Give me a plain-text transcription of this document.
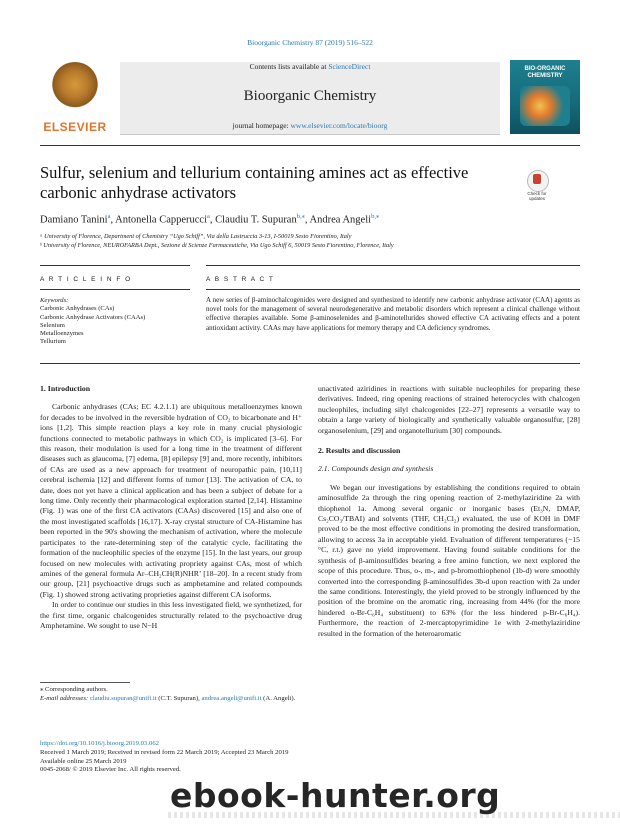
Bioorganic Chemistry 87 (2019) 516–522
ELSEVIER
Contents lists available at ScienceDirect
Bioorganic Chemistry
journal homepage: www.elsevier.com/locate/bioorg
BIO-ORGANIC
CHEMISTRY
Sulfur, selenium and tellurium containing amines act as effective carbonic anhydrase activators	Check for
updates
Damiano Tanini$^a$, Antonella Capperucci$^a$, Claudiu T. Supuran$^{b,⁎}$, Andrea Angeli$^{b,⁎}$
ᵃ University of Florence, Department of Chemistry “Ugo Schiff”, Via della Lastruccia 3-13, I-50019 Sesto Fiorentino, Italy
ᵇ University of Florence, NEUROFARBA Dept., Sezione di Scienze Farmaceutiche, Via Ugo Schiff 6, 50019 Sesto Fiorentino, Florence, Italy
A R T I C L E I N F O	A B S T R A C T
Keywords:
Carbonic Anhydrases (CAs)
Carbonic Anhydrase Activators (CAAs)
Selenium
Metalloenzymes
Tellurium
A new series of β-aminochalcogenides were designed and synthesized to identify new carbonic anhydrase activator (CAA) agents as novel tools for the management of several neurodegenerative and metabolic disorders which represent a clinical challenge without effective therapies available. Some β-aminoselenides and β-aminotellurides showed effective CA activating effects and a potent antioxidant activity. CAAs may have applications for memory therapy and CA deficiency syndromes.

1. Introduction

Carbonic anhydrases (CAs; EC 4.2.1.1) are ubiquitous metalloenzymes known for decades to be involved in the reversible hydration of CO₂ to bicarbonate and H⁺ ions [1,2]. This simple reaction plays a key role in many crucial physiologic functions connected to metabolic pathways in which CO₂ is implicated [3–6]. For this reason, their modulation is used for a long time in the treatment of different diseases such as glaucoma, [7] edema, [8] epilepsy [9] and, more recently, inhibitors of CAs are used as a new approach for treatment of neuropathic pain, [10,11] cerebral ischemia [12] and different forms of tumor [13]. The activation of CA, to date, does not yet have a clinical application and has been a subject of debate for a long time. Only recently their pharmacological exploration started [2,14]. Histamine (Fig. 1) was one of the first CA activators (CAAs) discovered [15] and also one of the most investigated scaffolds [16,17]. X-ray crystal structure of CA-Histamine has been reported in the 90's showing the mechanism of activation, where the molecule participates to the rate-determining step of the catalytic cycle, facilitating the formation of the nucleophilic species of the enzyme [15]. In the last years, our group focused on new molecules with activating propriety against CAs, most of which amines of the general formula Ar–CH₂CH(R)NHR’ [18–20]. In a recent study from our group, [21] psychoactive drugs such as amphetamine and related compounds (Fig. 1) showed strong activating proprieties against different CA isoforms.

In order to continue our studies in this less investigated field, we synthetized, for the first time, organic chalcogenides structurally related to the psychoactive drug Amphetamine. We sought to use N−H

unactivated aziridines in reactions with suitable nucleophiles for preparing these derivatives. Indeed, ring opening reactions of strained heterocycles with chalcogen nucleophiles, including silyl chalcogenides [22–27] represents a versatile way to obtain a large variety of biologically and synthetically valuable organosulfur, [28] organoselenium, [29] and organotellurium [30] compounds.

2. Results and discussion

2.1. Compounds design and synthesis

We began our investigations by establishing the conditions required to obtain aminosulfide 2a through the ring opening reaction of 2-methylaziridine 2a with thiophenol 1a. Among several organic or inorganic bases (Et₃N, DMAP, Cs₂CO₃/TBAI) and solvents (THF, CH₂Cl₂) evaluated, the use of KOH in DMF proved to be the most effective conditions in promoting the desired transformation, allowing to access 3a in acceptable yield. Evaluation of different temperatures (−15 °C, r.t.) gave no yield improvement. Having found suitable conditions for the synthesis of β-aminosulfides bearing a free amino function, we next explored the scope of this procedure. Thus, o-, m-, and p-bromothiophenol (1b-d) were smoothly converted into the corresponding β-aminosulfides 3b-d upon reaction with 2a under the same conditions. Interestingly, the yield proved to be strongly influenced by the position of the bromine on the aromatic ring, increasing from 44% (for the more hindered o-Br-C₆H₄ substituent) to 63% (for the less hindered p-Br-C₆H₄). Furthermore, the reaction of 2-mercaptopyrimidine 1e with 2-methylaziridine resulted in the formation of the heteroaromatic

⁎ Corresponding authors.
E-mail addresses: claudiu.supuran@unifi.it (C.T. Supuran), andrea.angeli@unifi.it (A. Angeli).
https://doi.org/10.1016/j.bioorg.2019.03.062
Received 1 March 2019; Received in revised form 22 March 2019; Accepted 23 March 2019
Available online 25 March 2019
0045-2068/ © 2019 Elsevier Inc. All rights reserved.
ebook-hunter.org
